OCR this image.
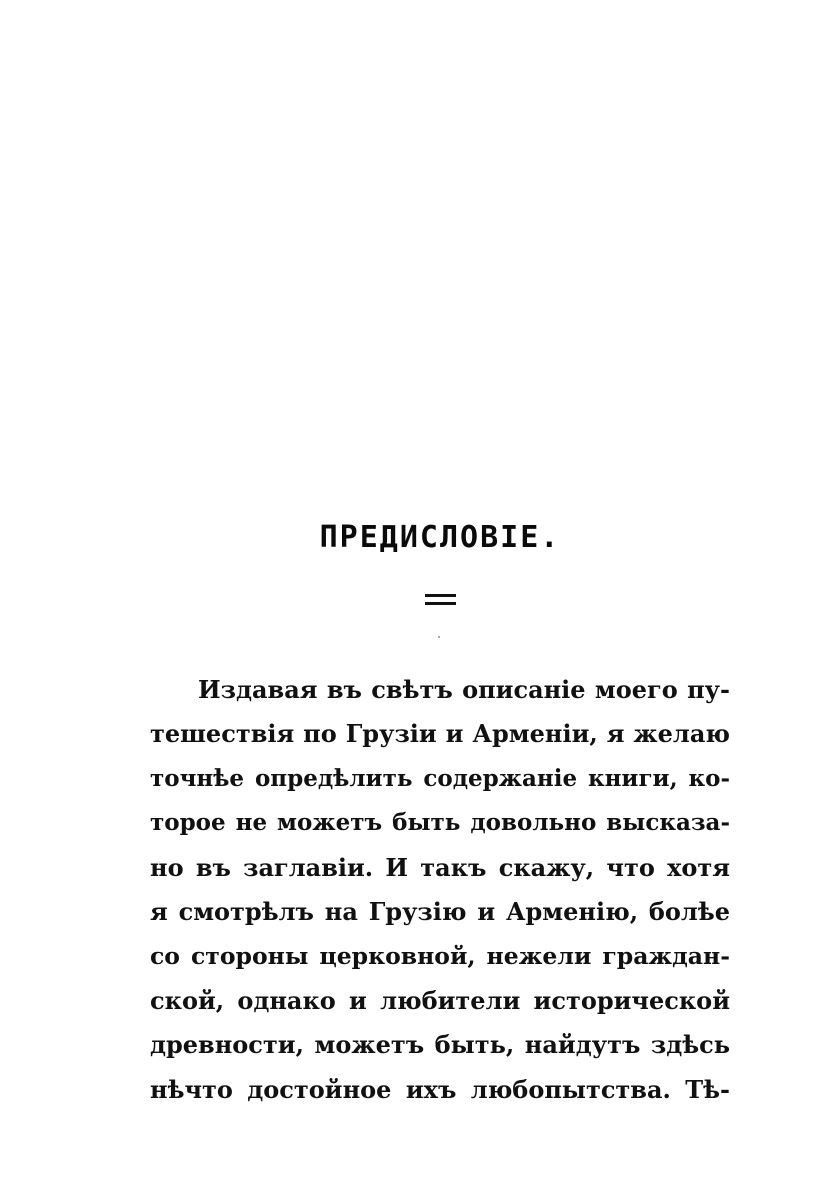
ПРЕДИСЛОВІЕ.
Издавая въ свѣтъ описаніе моего пу-
тешествія по Грузіи и Арменіи, я желаю
точнѣе опредѣлить содержаніе книги, ко-
торое не можетъ быть довольно высказа-
но въ заглавіи. И такъ скажу, что хотя
я смотрѣлъ на Грузію и Арменію, болѣе
со стороны церковной, нежели граждан-
ской, однако и любители исторической
древности, можетъ быть, найдутъ здѣсь
нѣчто достойное ихъ любопытства. Тѣ-
